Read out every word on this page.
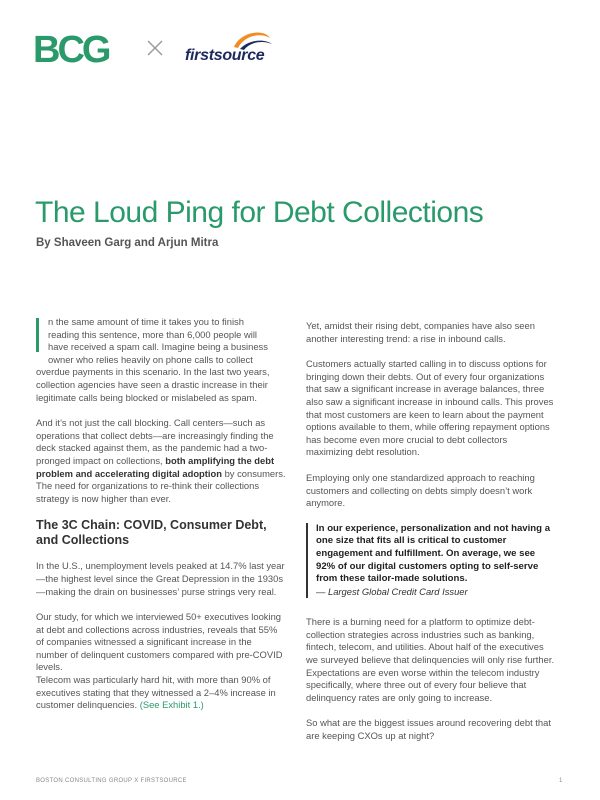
BCG	firstsource
The Loud Ping for Debt Collections
By Shaveen Garg and Arjun Mitra

n the same amount of time it takes you to finish
reading this sentence, more than 6,000 people will
have received a spam call. Imagine being a business
owner who relies heavily on phone calls to collect
overdue payments in this scenario. In the last two years, collection agencies have seen a drastic increase in their legitimate calls being blocked or mislabeled as spam.

And it’s not just the call blocking. Call centers—such as operations that collect debts—are increasingly finding the deck stacked against them, as the pandemic had a two-pronged impact on collections, both amplifying the debt problem and accelerating digital adoption by consumers. The need for organizations to re-think their collections strategy is now higher than ever.

The 3C Chain: COVID, Consumer Debt, and Collections

In the U.S., unemployment levels peaked at 14.7% last year—the highest level since the Great Depression in the 1930s—making the drain on businesses’ purse strings very real.

Our study, for which we interviewed 50+ executives looking at debt and collections across industries, reveals that 55% of companies witnessed a significant increase in the number of delinquent customers compared with pre-COVID levels.

Telecom was particularly hard hit, with more than 90% of executives stating that they witnessed a 2–4% increase in customer delinquencies. (See Exhibit 1.)

Yet, amidst their rising debt, companies have also seen another interesting trend: a rise in inbound calls.

Customers actually started calling in to discuss options for bringing down their debts. Out of every four organizations that saw a significant increase in average balances, three also saw a significant increase in inbound calls. This proves that most customers are keen to learn about the payment options available to them, while offering repayment options has become even more crucial to debt collectors maximizing debt resolution.

Employing only one standardized approach to reaching customers and collecting on debts simply doesn’t work anymore.

In our experience, personalization and not having a one size that fits all is critical to customer engagement and fulfillment. On average, we see 92% of our digital customers opting to self-serve from these tailor-made solutions.
— Largest Global Credit Card Issuer

There is a burning need for a platform to optimize debt-collection strategies across industries such as banking, fintech, telecom, and utilities. About half of the executives we surveyed believe that delinquencies will only rise further. Expectations are even worse within the telecom industry specifically, where three out of every four believe that delinquency rates are only going to increase.

So what are the biggest issues around recovering debt that are keeping CXOs up at night?

BOSTON CONSULTING GROUP X FIRSTSOURCE	1
